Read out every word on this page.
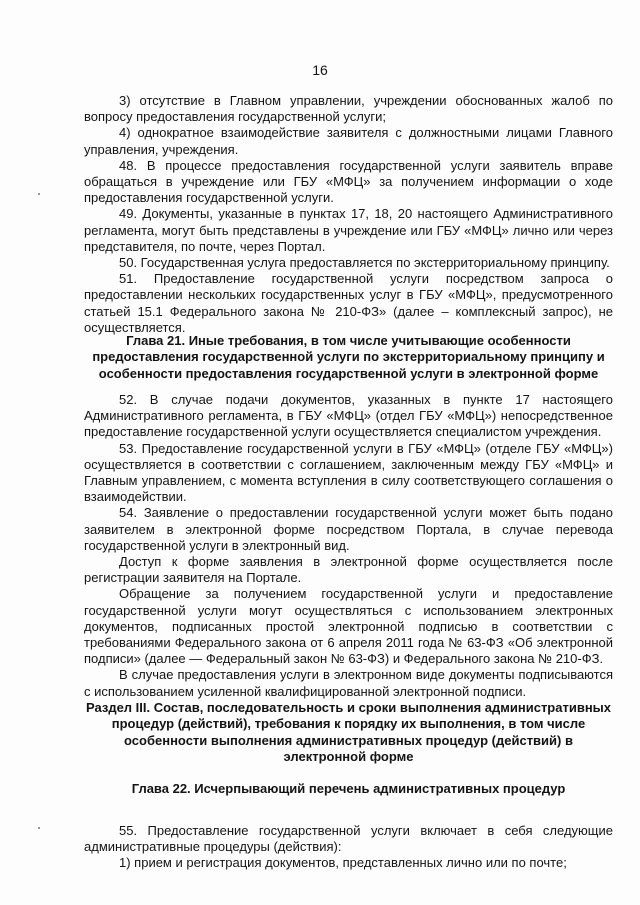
16

3) отсутствие в Главном управлении, учреждении обоснованных жалоб по вопросу предоставления государственной услуги;

4) однократное взаимодействие заявителя с должностными лицами Главного управления, учреждения.

48. В процессе предоставления государственной услуги заявитель вправе обращаться в учреждение или ГБУ «МФЦ» за получением информации о ходе предоставления государственной услуги.

49. Документы, указанные в пунктах 17, 18, 20 настоящего Административного регламента, могут быть представлены в учреждение или ГБУ «МФЦ» лично или через представителя, по почте, через Портал.

50. Государственная услуга предоставляется по экстерриториальному принципу.

51. Предоставление государственной услуги посредством запроса о предоставлении нескольких государственных услуг в ГБУ «МФЦ», предусмотренного статьей 15.1 Федерального закона № 210-ФЗ» (далее – комплексный запрос), не осуществляется.

Глава 21. Иные требования, в том числе учитывающие особенности предоставления государственной услуги по экстерриториальному принципу и особенности предоставления государственной услуги в электронной форме

52. В случае подачи документов, указанных в пункте 17 настоящего Административного регламента, в ГБУ «МФЦ» (отдел ГБУ «МФЦ») непосредственное предоставление государственной услуги осуществляется специалистом учреждения.

53. Предоставление государственной услуги в ГБУ «МФЦ» (отделе ГБУ «МФЦ») осуществляется в соответствии с соглашением, заключенным между ГБУ «МФЦ» и Главным управлением, с момента вступления в силу соответствующего соглашения о взаимодействии.

54. Заявление о предоставлении государственной услуги может быть подано заявителем в электронной форме посредством Портала, в случае перевода государственной услуги в электронный вид.

Доступ к форме заявления в электронной форме осуществляется после регистрации заявителя на Портале.

Обращение за получением государственной услуги и предоставление государственной услуги могут осуществляться с использованием электронных документов, подписанных простой электронной подписью в соответствии с требованиями Федерального закона от 6 апреля 2011 года № 63-ФЗ «Об электронной подписи» (далее — Федеральный закон № 63-ФЗ) и Федерального закона № 210-ФЗ.

В случае предоставления услуги в электронном виде документы подписываются с использованием усиленной квалифицированной электронной подписи.

Раздел III. Состав, последовательность и сроки выполнения административных процедур (действий), требования к порядку их выполнения, в том числе особенности выполнения административных процедур (действий) в электронной форме
Глава 22. Исчерпывающий перечень административных процедур

55. Предоставление государственной услуги включает в себя следующие административные процедуры (действия):

1) прием и регистрация документов, представленных лично или по почте;
